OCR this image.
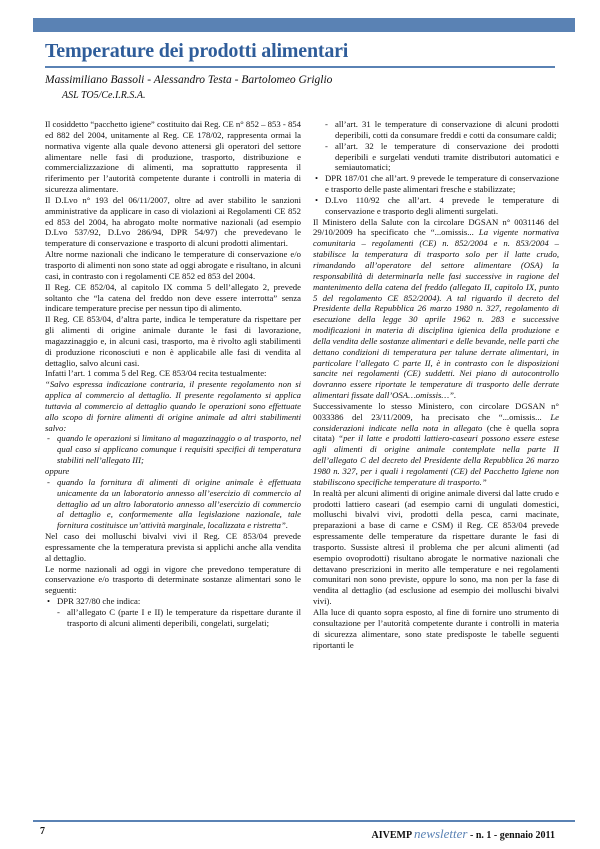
Temperature dei prodotti alimentari
Massimiliano Bassoli - Alessandro Testa - Bartolomeo Griglio
ASL TO5/Ce.I.R.S.A.

Il cosiddetto “pacchetto igiene” costituito dai Reg. CE n° 852 – 853 - 854 ed 882 del 2004, unitamente al Reg. CE 178/02, rappresenta ormai la normativa vigente alla quale devono attenersi gli operatori del settore alimentare nelle fasi di produzione, trasporto, distribuzione e commercializzazione di alimenti, ma soprattutto rappresenta il riferimento per l’autorità competente durante i controlli in materia di sicurezza alimentare.

Il D.Lvo n° 193 del 06/11/2007, oltre ad aver stabilito le sanzioni amministrative da applicare in caso di violazioni ai Regolamenti CE 852 ed 853 del 2004, ha abrogato molte normative nazionali (ad esempio D.Lvo 537/92, D.Lvo 286/94, DPR 54/97) che prevedevano le temperature di conservazione e trasporto di alcuni prodotti alimentari.

Altre norme nazionali che indicano le temperature di conservazione e/o trasporto di alimenti non sono state ad oggi abrogate e risultano, in alcuni casi, in contrasto con i regolamenti CE 852 ed 853 del 2004.

Il Reg. CE 852/04, al capitolo IX comma 5 dell’allegato 2, prevede soltanto che “la catena del freddo non deve essere interrotta” senza indicare temperature precise per nessun tipo di alimento.

Il Reg. CE 853/04, d’altra parte, indica le temperature da rispettare per gli alimenti di origine animale durante le fasi di lavorazione, magazzinaggio e, in alcuni casi, trasporto, ma è rivolto agli stabilimenti di produzione riconosciuti e non è applicabile alle fasi di vendita al dettaglio, salvo alcuni casi.

Infatti l’art. 1 comma 5 del Reg. CE 853/04 recita testualmente:

“Salvo espressa indicazione contraria, il presente regolamento non si applica al commercio al dettaglio. Il presente regolamento si applica tuttavia al commercio al dettaglio quando le operazioni sono effettuate allo scopo di fornire alimenti di origine animale ad altri stabilimenti salvo:

- quando le operazioni si limitano al magazzinaggio o al trasporto, nel qual caso si applicano comunque i requisiti specifici di temperatura stabiliti nell’allegato III;

oppure

- quando la fornitura di alimenti di origine animale è effettuata unicamente da un laboratorio annesso all’esercizio di commercio al dettaglio ad un altro laboratorio annesso all’esercizio di commercio al dettaglio e, conformemente alla legislazione nazionale, tale fornitura costituisce un’attività marginale, localizzata e ristretta”.

Nel caso dei molluschi bivalvi vivi il Reg. CE 853/04 prevede espressamente che la temperatura prevista si applichi anche alla vendita al dettaglio.

Le norme nazionali ad oggi in vigore che prevedono temperature di conservazione e/o trasporto di determinate sostanze alimentari sono le seguenti:

• DPR 327/80 che indica:
- all’allegato C (parte I e II) le temperature da rispettare durante il trasporto di alcuni alimenti deperibili, congelati, surgelati;
- all’art. 31 le temperature di conservazione di alcuni prodotti deperibili, cotti da consumare freddi e cotti da consumare caldi;
- all’art. 32 le temperature di conservazione dei prodotti deperibili e surgelati venduti tramite distributori automatici e semiautomatici;
• DPR 187/01 che all’art. 9 prevede le temperature di conservazione e trasporto delle paste alimentari fresche e stabilizzate;
• D.Lvo 110/92 che all’art. 4 prevede le temperature di conservazione e trasporto degli alimenti surgelati.

Il Ministero della Salute con la circolare DGSAN n° 0031146 del 29/10/2009 ha specificato che “...omissis... La vigente normativa comunitaria – regolamenti (CE) n. 852/2004 e n. 853/2004 – stabilisce la temperatura di trasporto solo per il latte crudo, rimandando all’operatore del settore alimentare (OSA) la responsabilità di determinarla nelle fasi successive in ragione del mantenimento della catena del freddo (allegato II, capitolo IX, punto 5 del regolamento CE 852/2004). A tal riguardo il decreto del Presidente della Repubblica 26 marzo 1980 n. 327, regolamento di esecuzione della legge 30 aprile 1962 n. 283 e successive modificazioni in materia di disciplina igienica della produzione e della vendita delle sostanze alimentari e delle bevande, nelle parti che dettano condizioni di temperatura per talune derrate alimentari, in particolare l’allegato C parte II, è in contrasto con le disposizioni sancite nei regolamenti (CE) suddetti. Nei piano di autocontrollo dovranno essere riportate le temperature di trasporto delle derrate alimentari fissate dall’OSA…omissis…”.

Successivamente lo stesso Ministero, con circolare DGSAN n° 0033386 del 23/11/2009, ha precisato che “...omissis... Le considerazioni indicate nella nota in allegato (che è quella sopra citata) “per il latte e prodotti lattiero-caseari possono essere estese agli alimenti di origine animale contemplate nella parte II dell’allegato C del decreto del Presidente della Repubblica 26 marzo 1980 n. 327, per i quali i regolamenti (CE) del Pacchetto Igiene non stabiliscono specifiche temperature di trasporto.”

In realtà per alcuni alimenti di origine animale diversi dal latte crudo e prodotti lattiero caseari (ad esempio carni di ungulati domestici, molluschi bivalvi vivi, prodotti della pesca, carni macinate, preparazioni a base di carne e CSM) il Reg. CE 853/04 prevede espressamente delle temperature da rispettare durante le fasi di trasporto. Sussiste altresì il problema che per alcuni alimenti (ad esempio ovoprodotti) risultano abrogate le normative nazionali che dettavano prescrizioni in merito alle temperature e nei regolamenti comunitari non sono previste, oppure lo sono, ma non per la fase di vendita al dettaglio (ad esclusione ad esempio dei molluschi bivalvi vivi).

Alla luce di quanto sopra esposto, al fine di fornire uno strumento di consultazione per l’autorità competente durante i controlli in materia di sicurezza alimentare, sono state predisposte le tabelle seguenti riportanti le

7	AIVEMP newsletter - n. 1 - gennaio 2011
